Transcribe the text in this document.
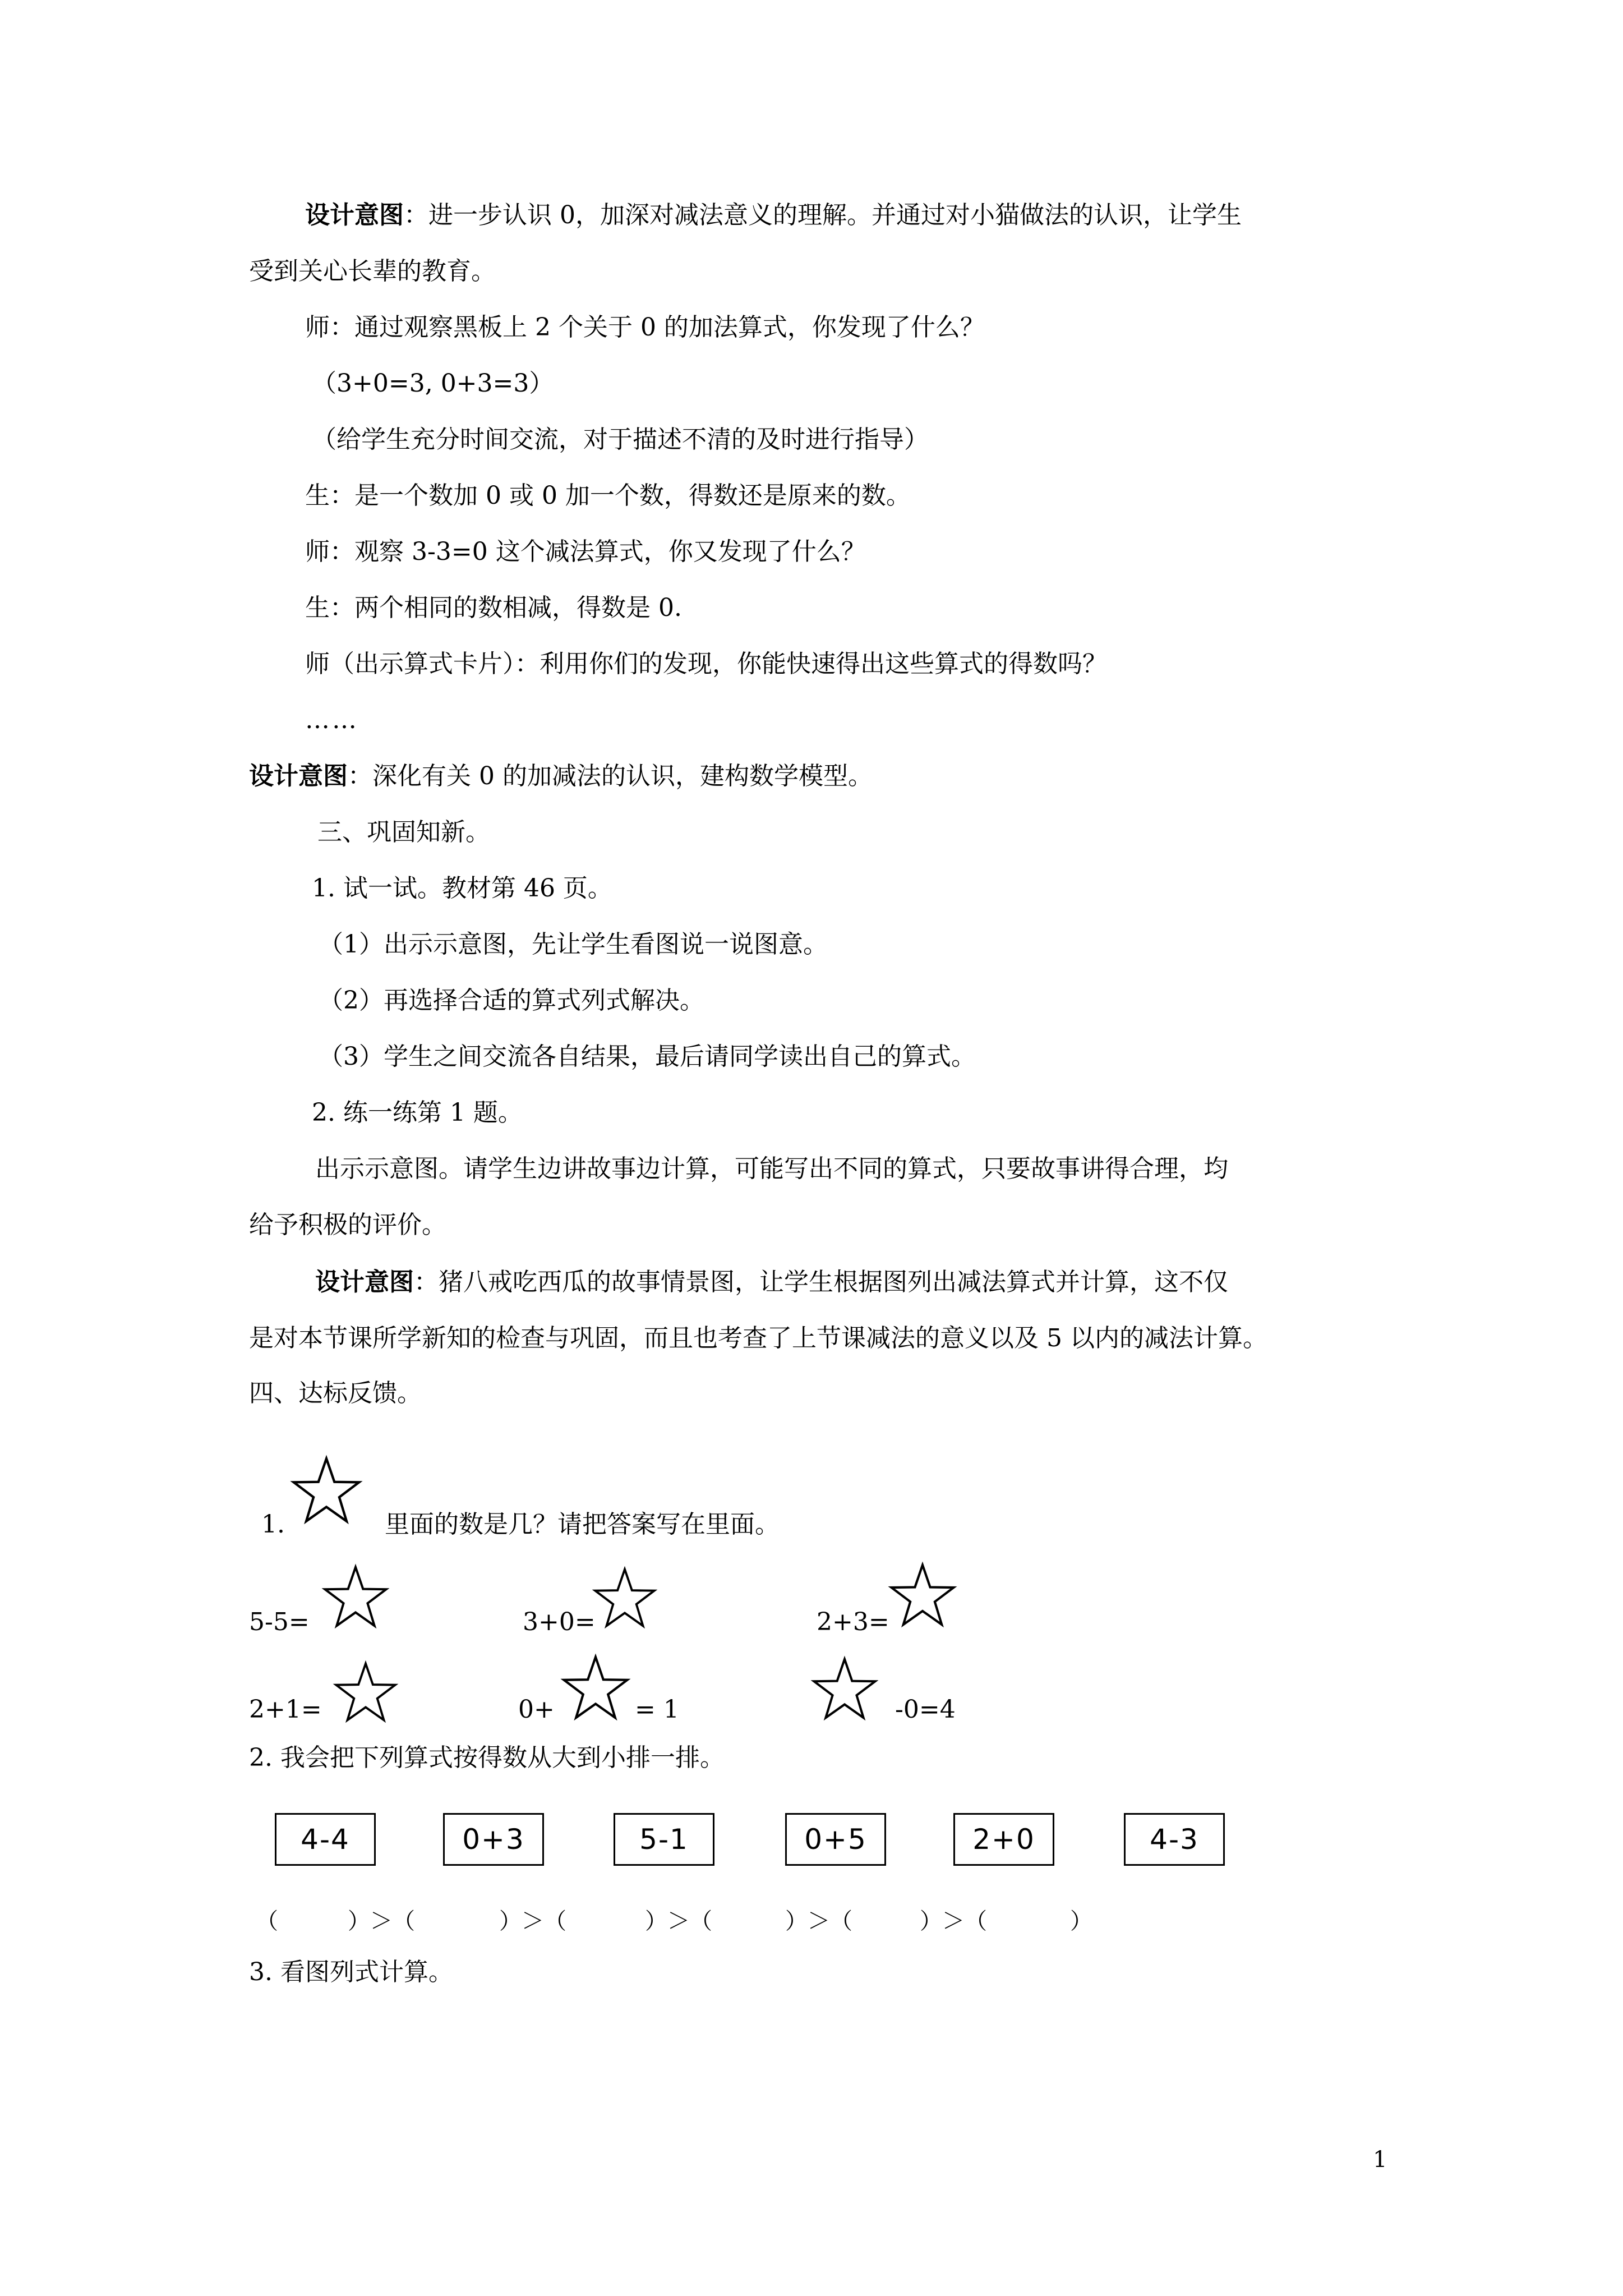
设计意图：进一步认识 0，加深对减法意义的理解。并通过对小猫做法的认识，让学生
受到关心长辈的教育。
师：通过观察黑板上 2 个关于 0 的加法算式，你发现了什么？
（3+0=3, 0+3=3）
（给学生充分时间交流，对于描述不清的及时进行指导）
生：是一个数加 0 或 0 加一个数，得数还是原来的数。
师：观察 3-3=0 这个减法算式，你又发现了什么？
生：两个相同的数相减，得数是 0.
师（出示算式卡片）：利用你们的发现，你能快速得出这些算式的得数吗？
……
设计意图：深化有关 0 的加减法的认识，建构数学模型。
三、巩固知新。
1. 试一试。教材第 46 页。
（1）出示示意图，先让学生看图说一说图意。
（2）再选择合适的算式列式解决。
（3）学生之间交流各自结果，最后请同学读出自己的算式。
2. 练一练第 1 题。
出示示意图。请学生边讲故事边计算，可能写出不同的算式，只要故事讲得合理，均
给予积极的评价。
设计意图：猪八戒吃西瓜的故事情景图，让学生根据图列出减法算式并计算，这不仅
是对本节课所学新知的检查与巩固，而且也考查了上节课减法的意义以及 5 以内的减法计算。
四、达标反馈。
1.	里面的数是几？请把答案写在里面。
5-5=	3+0=	2+3=
2+1=	0+	= 1	-0=4
2. 我会把下列算式按得数从大到小排一排。
4-4	0+3	5-1	0+5	2+0	4-3
（	）＞（	）＞（	）＞（	）＞（	）＞（	）
3. 看图列式计算。
1
